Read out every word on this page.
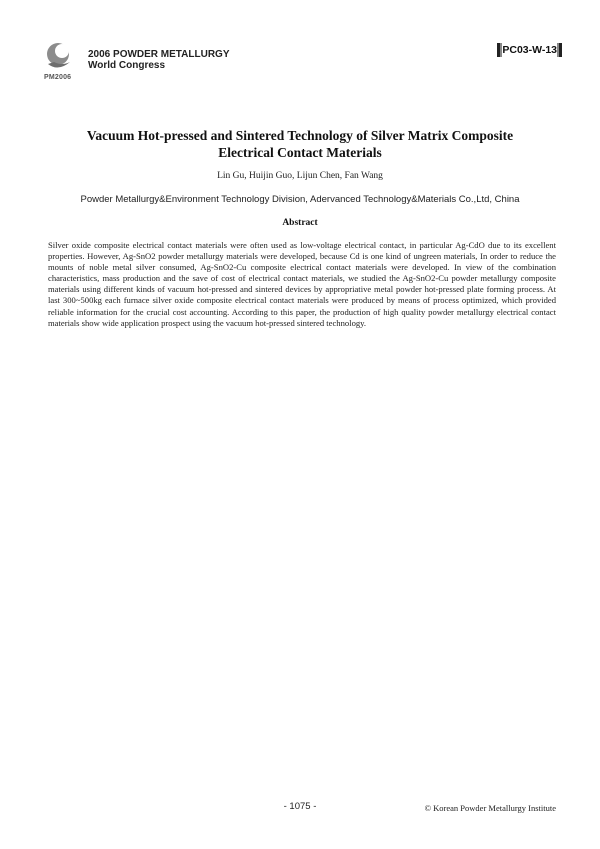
PM2006
2006 POWDER METALLURGY
World Congress
PC03-W-13
Vacuum Hot-pressed and Sintered Technology of Silver Matrix Composite
Electrical Contact Materials
Lin Gu, Huijin Guo, Lijun Chen, Fan Wang
Powder Metallurgy&Environment Technology Division, Adervanced Technology&Materials Co.,Ltd, China
Abstract

Silver oxide composite electrical contact materials were often used as low-voltage electrical contact, in particular Ag-CdO due to its excellent properties. However, Ag-SnO2 powder metallurgy materials were developed, because Cd is one kind of ungreen materials, In order to reduce the mounts of noble metal silver consumed, Ag-SnO2-Cu composite electrical contact materials were developed. In view of the combination characteristics, mass production and the save of cost of electrical contact materials, we studied the Ag-SnO2-Cu powder metallurgy composite materials using different kinds of vacuum hot-pressed and sintered devices by appropriative metal powder hot-pressed plate forming process. At last 300~500kg each furnace silver oxide composite electrical contact materials were produced by means of process optimized, which provided reliable information for the crucial cost accounting. According to this paper, the production of high quality powder metallurgy electrical contact materials show wide application prospect using the vacuum hot-pressed sintered technology.

- 1075 -	© Korean Powder Metallurgy Institute
